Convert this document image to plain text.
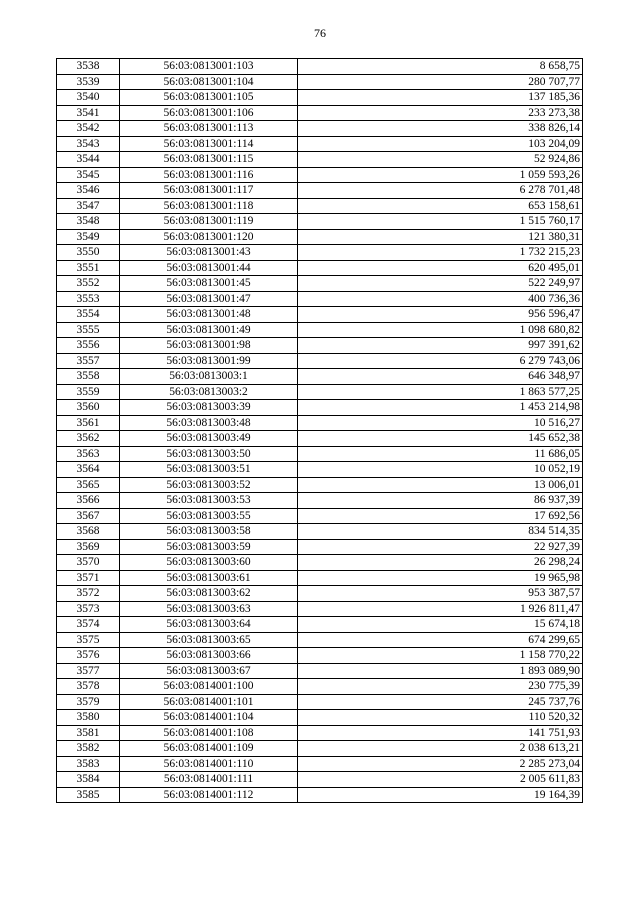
76
3538	56:03:0813001:103	8 658,75
3539	56:03:0813001:104	280 707,77
3540	56:03:0813001:105	137 185,36
3541	56:03:0813001:106	233 273,38
3542	56:03:0813001:113	338 826,14
3543	56:03:0813001:114	103 204,09
3544	56:03:0813001:115	52 924,86
3545	56:03:0813001:116	1 059 593,26
3546	56:03:0813001:117	6 278 701,48
3547	56:03:0813001:118	653 158,61
3548	56:03:0813001:119	1 515 760,17
3549	56:03:0813001:120	121 380,31
3550	56:03:0813001:43	1 732 215,23
3551	56:03:0813001:44	620 495,01
3552	56:03:0813001:45	522 249,97
3553	56:03:0813001:47	400 736,36
3554	56:03:0813001:48	956 596,47
3555	56:03:0813001:49	1 098 680,82
3556	56:03:0813001:98	997 391,62
3557	56:03:0813001:99	6 279 743,06
3558	56:03:0813003:1	646 348,97
3559	56:03:0813003:2	1 863 577,25
3560	56:03:0813003:39	1 453 214,98
3561	56:03:0813003:48	10 516,27
3562	56:03:0813003:49	145 652,38
3563	56:03:0813003:50	11 686,05
3564	56:03:0813003:51	10 052,19
3565	56:03:0813003:52	13 006,01
3566	56:03:0813003:53	86 937,39
3567	56:03:0813003:55	17 692,56
3568	56:03:0813003:58	834 514,35
3569	56:03:0813003:59	22 927,39
3570	56:03:0813003:60	26 298,24
3571	56:03:0813003:61	19 965,98
3572	56:03:0813003:62	953 387,57
3573	56:03:0813003:63	1 926 811,47
3574	56:03:0813003:64	15 674,18
3575	56:03:0813003:65	674 299,65
3576	56:03:0813003:66	1 158 770,22
3577	56:03:0813003:67	1 893 089,90
3578	56:03:0814001:100	230 775,39
3579	56:03:0814001:101	245 737,76
3580	56:03:0814001:104	110 520,32
3581	56:03:0814001:108	141 751,93
3582	56:03:0814001:109	2 038 613,21
3583	56:03:0814001:110	2 285 273,04
3584	56:03:0814001:111	2 005 611,83
3585	56:03:0814001:112	19 164,39
